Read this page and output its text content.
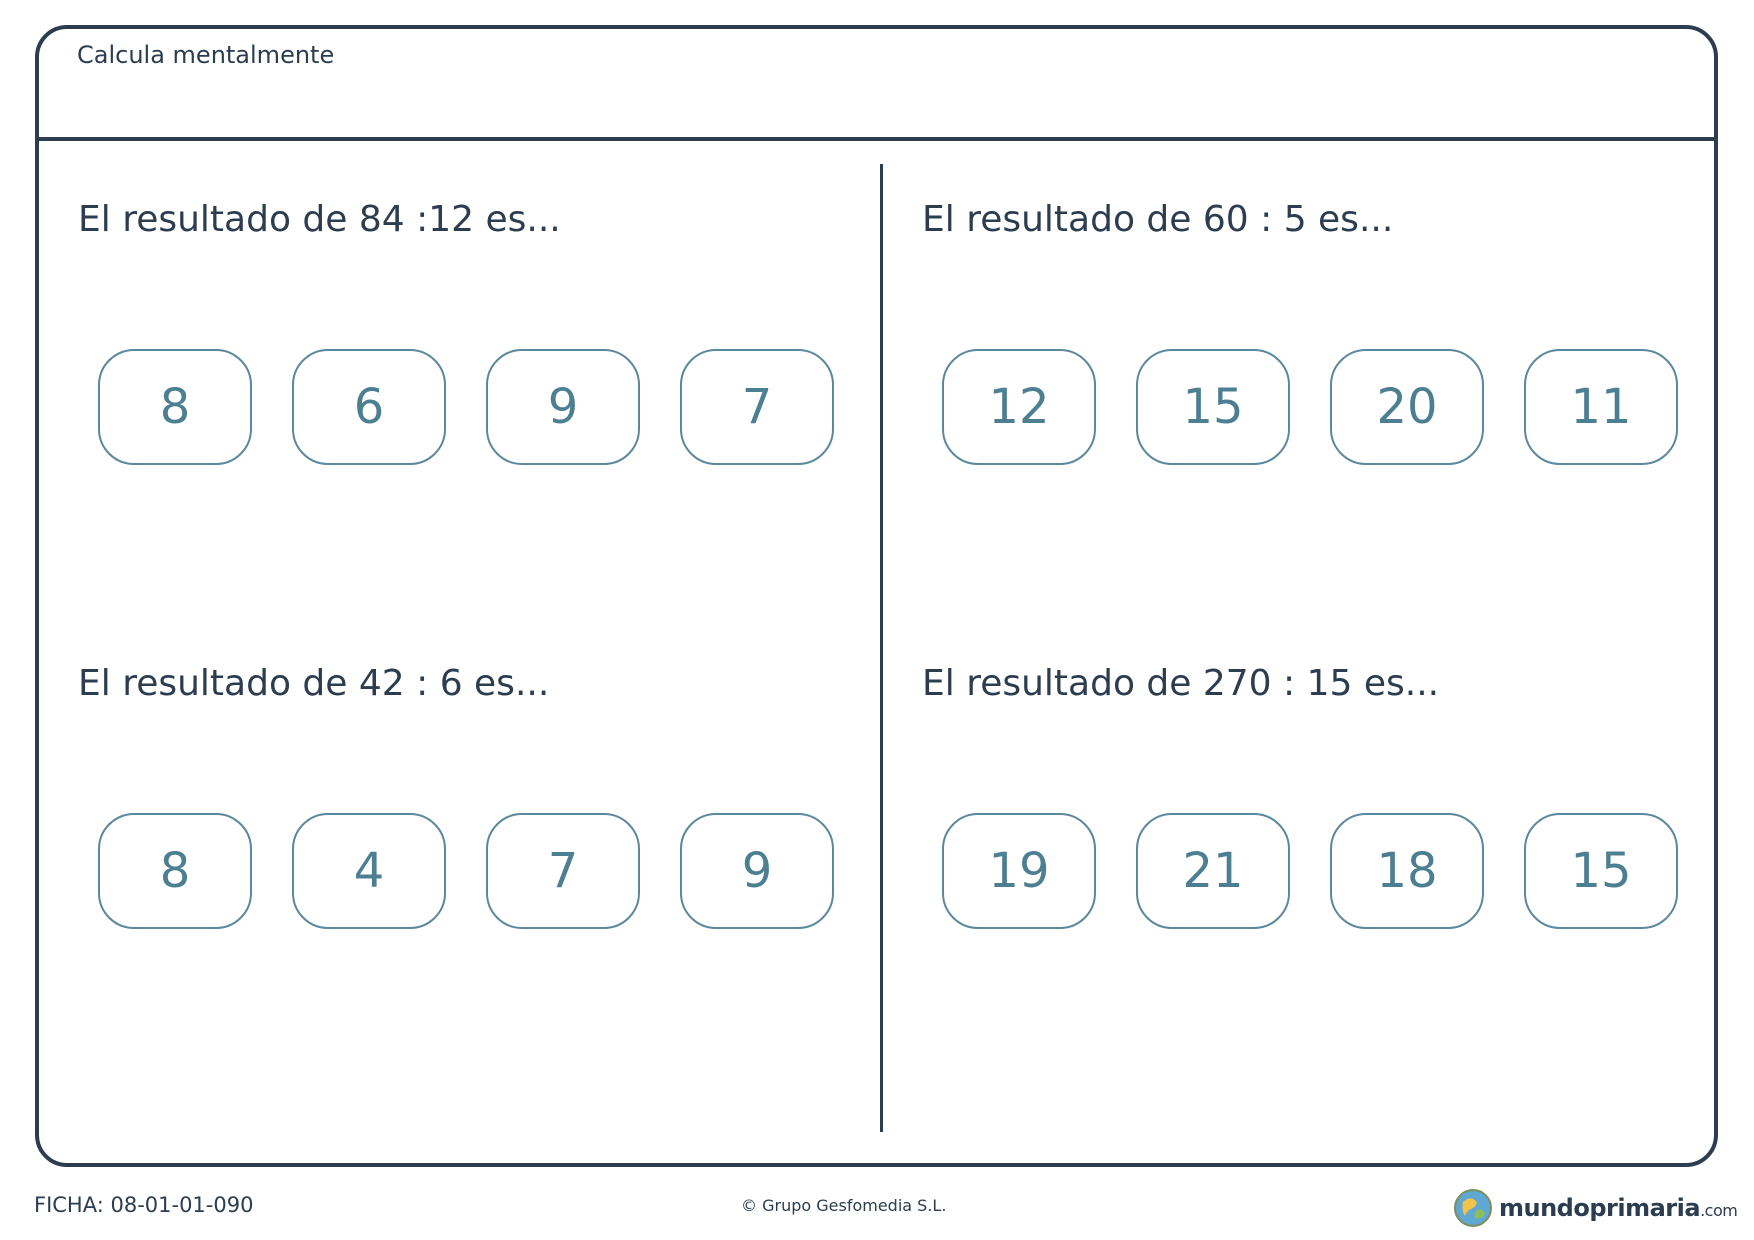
Calcula mentalmente
El resultado de 84 :12 es...
8	6	9	7
El resultado de 60 : 5 es...
12	15	20	11
El resultado de 42 : 6 es...
8	4	7	9
El resultado de 270 : 15 es...
19	21	18	15
FICHA: 08-01-01-090	© Grupo Gesfomedia S.L.	mundoprimaria.com
